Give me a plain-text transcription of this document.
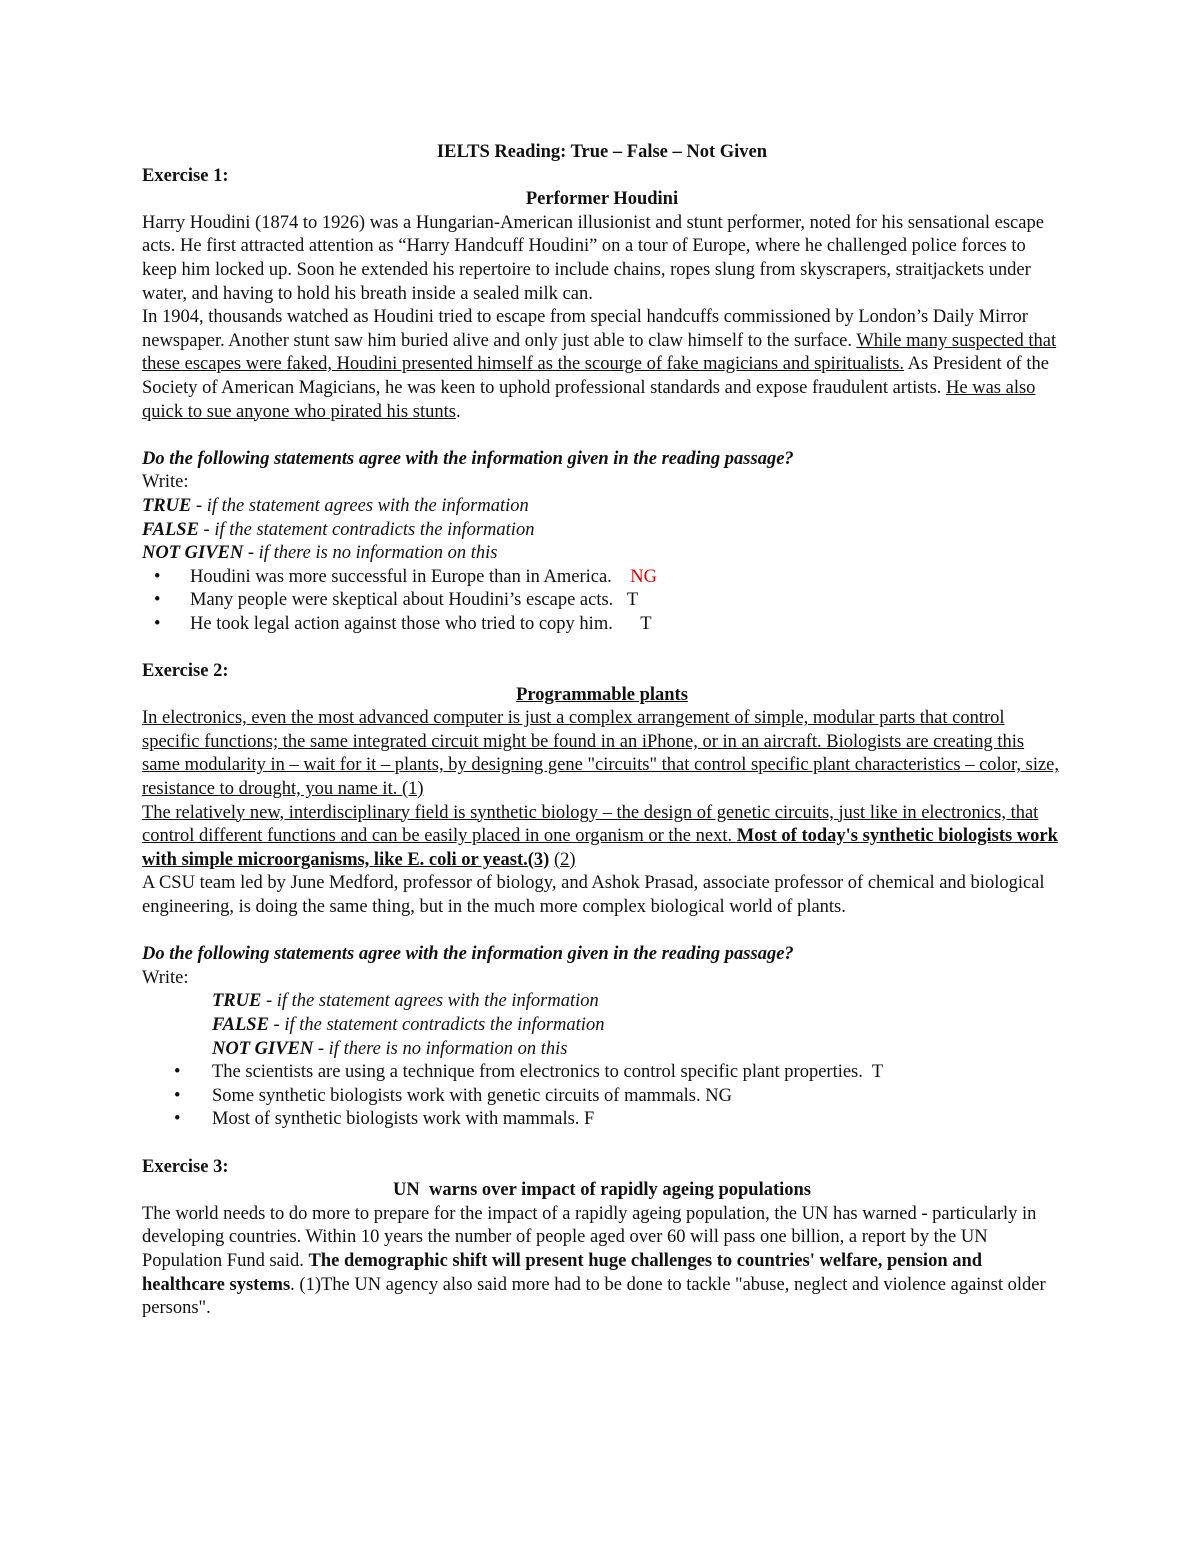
IELTS Reading: True – False – Not Given

Exercise 1:

Performer Houdini

Harry Houdini (1874 to 1926) was a Hungarian-American illusionist and stunt performer, noted for his sensational escape acts. He first attracted attention as “Harry Handcuff Houdini” on a tour of Europe, where he challenged police forces to keep him locked up. Soon he extended his repertoire to include chains, ropes slung from skyscrapers, straitjackets under water, and having to hold his breath inside a sealed milk can.

In 1904, thousands watched as Houdini tried to escape from special handcuffs commissioned by London’s Daily Mirror newspaper. Another stunt saw him buried alive and only just able to claw himself to the surface. While many suspected that these escapes were faked, Houdini presented himself as the scourge of fake magicians and spiritualists. As President of the Society of American Magicians, he was keen to uphold professional standards and expose fraudulent artists. He was also quick to sue anyone who pirated his stunts.

Do the following statements agree with the information given in the reading passage?

Write:

TRUE - if the statement agrees with the information

FALSE - if the statement contradicts the information

NOT GIVEN - if there is no information on this

• Houdini was more successful in Europe than in America. NG
• Many people were skeptical about Houdini’s escape acts. T
• He took legal action against those who tried to copy him. T

Exercise 2:

Programmable plants

In electronics, even the most advanced computer is just a complex arrangement of simple, modular parts that control specific functions; the same integrated circuit might be found in an iPhone, or in an aircraft. Biologists are creating this same modularity in – wait for it – plants, by designing gene "circuits" that control specific plant characteristics – color, size, resistance to drought, you name it. (1)

The relatively new, interdisciplinary field is synthetic biology – the design of genetic circuits, just like in electronics, that control different functions and can be easily placed in one organism or the next. Most of today's synthetic biologists work with simple microorganisms, like E. coli or yeast.(3) (2)

A CSU team led by June Medford, professor of biology, and Ashok Prasad, associate professor of chemical and biological engineering, is doing the same thing, but in the much more complex biological world of plants.

Do the following statements agree with the information given in the reading passage?

Write:

TRUE - if the statement agrees with the information

FALSE - if the statement contradicts the information

NOT GIVEN - if there is no information on this

• The scientists are using a technique from electronics to control specific plant properties. T
• Some synthetic biologists work with genetic circuits of mammals. NG
• Most of synthetic biologists work with mammals. F

Exercise 3:

UN  warns over impact of rapidly ageing populations

The world needs to do more to prepare for the impact of a rapidly ageing population, the UN has warned - particularly in developing countries. Within 10 years the number of people aged over 60 will pass one billion, a report by the UN Population Fund said. The demographic shift will present huge challenges to countries' welfare, pension and healthcare systems. (1)The UN agency also said more had to be done to tackle "abuse, neglect and violence against older persons".
